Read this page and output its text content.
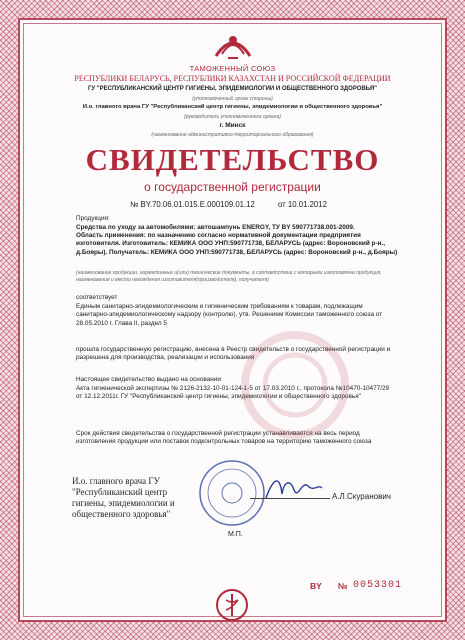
ТАМОЖЕННЫЙ СОЮЗ
РЕСПУБЛИКИ БЕЛАРУСЬ, РЕСПУБЛИКИ КАЗАХСТАН И РОССИЙСКОЙ ФЕДЕРАЦИИ
ГУ "РЕСПУБЛИКАНСКИЙ ЦЕНТР ГИГИЕНЫ, ЭПИДЕМИОЛОГИИ И ОБЩЕСТВЕННОГО ЗДОРОВЬЯ"
(уполномоченный орган стороны)
И.о. главного врача ГУ "Республиканский центр гигиены, эпидемиологии и общественного здоровья"
(руководитель уполномоченного органа)
г. Минск
(наименование административно-территориального образования)
СВИДЕТЕЛЬСТВО
о государственной регистрации
№ BY.70.06.01.015.E.000109.01.12	от 10.01.2012
Продукция:
Средства по уходу за автомобилями: автошампунь ENERGY, ТУ BY 590771738.001-2009.
Область применения: по назначению согласно нормативной документации предприятия изготовителя. Изготовитель: КЕМИКА ООО УНП:590771738, БЕЛАРУСЬ (адрес: Вороновский р-н., д.Бояры). Получатель: КЕМИКА ООО УНП:590771738, БЕЛАРУСЬ (адрес: Вороновский р-н., д.Бояры)
(наименование продукции, нормативные и(или) технические документы, в соответствии с которыми изготовлена продукция, наименование и место нахождения изготовителя(производителя), получателя)
соответствует
Единым санитарно-эпидемиологическим и гигиеническим требованиям к товарам, подлежащим санитарно-эпидемиологическому надзору (контролю), утв. Решением Комиссии таможенного союза от 28.05.2010 г. Глава II, раздел 5
прошла государственную регистрацию, внесена в Реестр свидетельств о государственной регистрации и разрешена для производства, реализации и использования
Настоящее свидетельство выдано на основании
Акта гигиенической экспертизы № 2126-2132-10-01-124-1-5 от 17.03.2010 г., протокола №10470-10477/29 от 12.12.2011г. ГУ "Республиканский центр гигиены, эпидемиологии и общественного здоровья"
Срок действия свидетельства о государственной регистрации устанавливается на весь период изготовления продукции или поставок подконтрольных товаров на территорию таможенного союза
И.о. главного врача ГУ "Республиканский центр гигиены, эпидемиологии и общественного здоровья"
А.Л.Скуранович
М.П.
BY № 0053301
